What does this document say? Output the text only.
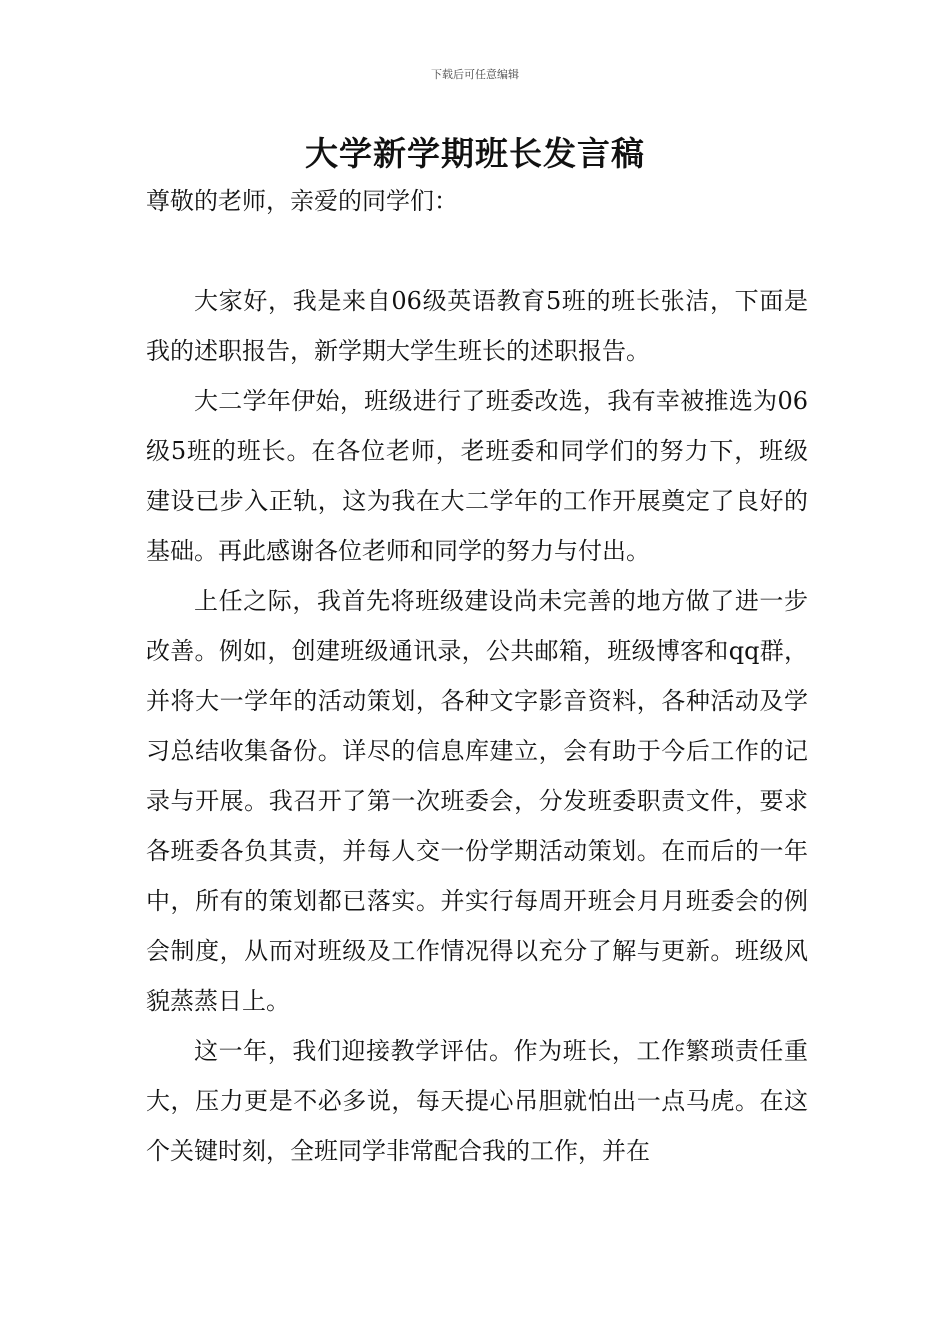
下载后可任意编辑
大学新学期班长发言稿
尊敬的老师，亲爱的同学们：

大家好，我是来自06级英语教育5班的班长张洁，下面是我的述职报告，新学期大学生班长的述职报告。

大二学年伊始，班级进行了班委改选，我有幸被推选为06级5班的班长。在各位老师，老班委和同学们的努力下，班级建设已步入正轨，这为我在大二学年的工作开展奠定了良好的基础。再此感谢各位老师和同学的努力与付出。

上任之际，我首先将班级建设尚未完善的地方做了进一步改善。例如，创建班级通讯录，公共邮箱，班级博客和qq群，并将大一学年的活动策划，各种文字影音资料，各种活动及学习总结收集备份。详尽的信息库建立，会有助于今后工作的记录与开展。我召开了第一次班委会，分发班委职责文件，要求各班委各负其责，并每人交一份学期活动策划。在而后的一年中，所有的策划都已落实。并实行每周开班会月月班委会的例会制度，从而对班级及工作情况得以充分了解与更新。班级风貌蒸蒸日上。

这一年，我们迎接教学评估。作为班长，工作繁琐责任重大，压力更是不必多说，每天提心吊胆就怕出一点马虎。在这个关键时刻，全班同学非常配合我的工作，并在
